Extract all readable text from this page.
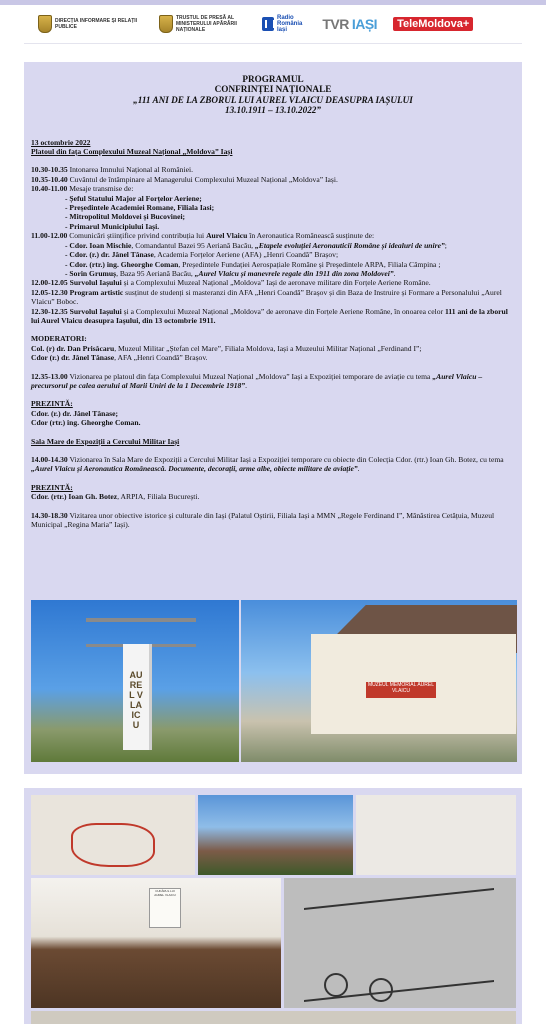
DIRECȚIA INFORMARE ȘI RELAȚII PUBLICE
TRUSTUL DE PRESĂ AL MINISTERULUI APĂRĂRII NAȚIONALE
Radio
România
Iași	TVR IAȘI	TeleMoldova+
PROGRAMUL
CONFRINȚEI NAȚIONALE
„111 ANI DE LA ZBORUL LUI AUREL VLAICU DEASUPRA IAȘULUI
13.10.1911 – 13.10.2022”

13 octombrie 2022

Platoul din fața Complexului Muzeal Național „Moldova” Iași

10.30-10.35 Intonarea Imnului Național al României.

10.35-10.40 Cuvântul de întâmpinare al Managerului Complexului Muzeal Național „Moldova” Iași.

10.40-11.00 Mesaje transmise de:

- Șeful Statului Major al Forțelor Aeriene;

- Președintele Academiei Romane, Filiala Iasi;

- Mitropolitul Moldovei și Bucovinei;

- Primarul Municipiului Iași.

11.00-12.00 Comunicări științifice privind contribuția lui Aurel Vlaicu în Aeronautica Românească susținute de:

- Cdor. Ioan Mischie, Comandantul Bazei 95 Aeriană Bacău, „Etapele evoluției Aeronauticii Române și idealuri de unire”;

- Cdor. (r.) dr. Jănel Tănase, Academia Forțelor Aeriene (AFA) „Henri Coandă” Brașov;

- Cdor. (rtr.) ing. Gheorghe Coman, Președintele Fundației Aerospațiale Române și Președintele ARPA, Filiala Câmpina ;

- Sorin Grumuș, Baza 95 Aeriană Bacău, „Aurel Vlaicu și manevrele regale din 1911 din zona Moldovei”.

12.00-12.05 Survolul Iașului și a Complexului Muzeal Național „Moldova” Iași de aeronave militare din Forțele Aeriene Române.

12.05-12.30 Program artistic susținut de studenți si masteranzi din AFA „Henri Coandă” Brașov și din Baza de Instruire și Formare a Personalului „Aurel Vlaicu” Boboc.

12.30-12.35 Survolul Iașului și a Complexului Muzeal Național „Moldova” de aeronave din Forțele Aeriene Române, în onoarea celor 111 ani de la zborul lui Aurel Vlaicu deasupra Iașului, din 13 octombrie 1911.

MODERATORI:

Col. (r) dr. Dan Prisăcaru, Muzeul Militar „Ștefan cel Mare”, Filiala Moldova, Iași a Muzeului Militar Național „Ferdinand I”;

Cdor (r.) dr. Jănel Tănase, AFA „Henri Coandă” Brașov.

12.35-13.00 Vizionarea pe platoul din fața Complexului Muzeal Național „Moldova” Iași a Expoziției temporare de aviație cu tema „Aurel Vlaicu – precursorul pe calea aerului al Marii Uniri de la 1 Decembrie 1918”.

PREZINTĂ:

Cdor. (r.) dr. Jănel Tănase;

Cdor (rtr.) ing. Gheorghe Coman.

Sala Mare de Expoziții a Cercului Militar Iași

14.00-14.30 Vizionarea în Sala Mare de Expoziții a Cercului Militar Iași a Expoziției temporare cu obiecte din Colecția Cdor. (rtr.) Ioan Gh. Botez, cu tema „Aurel Vlaicu și Aeronautica Românească. Documente, decorații, arme albe, obiecte militare de aviație”.

PREZINTĂ:

Cdor. (rtr.) Ioan Gh. Botez, ARPIA, Filiala București.

14.30-18.30 Vizitarea unor obiective istorice și culturale din Iași (Palatul Oștirii, Filiala Iași a MMN „Regele Ferdinand I”, Mănăstirea Cetățuia, Muzeul Municipal „Regina Maria” Iași).

AUREL VLAICU
MUZEUL MEMORIAL AUREL VLAICU
CUFĂRUL LUI AUREL VLAICU
